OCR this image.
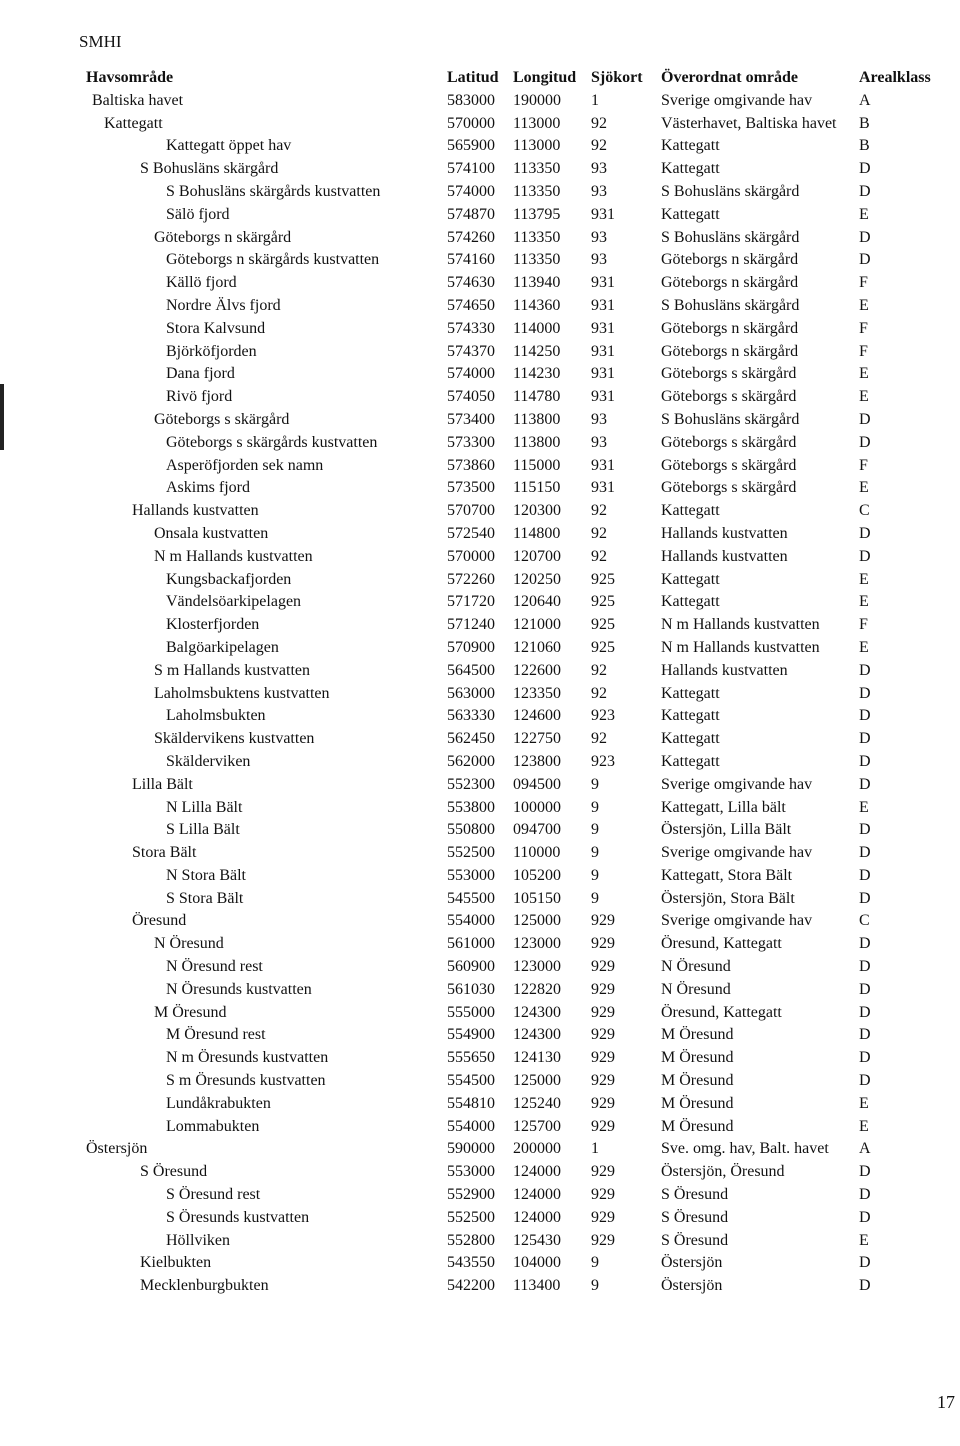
SMHI
Havsområde	Latitud	Longitud	Sjökort	Överordnat område	Arealklass
Baltiska havet	583000	190000	1	Sverige omgivande hav	A
Kattegatt	570000	113000	92	Västerhavet, Baltiska havet	B
Kattegatt öppet hav	565900	113000	92	Kattegatt	B
S Bohusläns skärgård	574100	113350	93	Kattegatt	D
S Bohusläns skärgårds kustvatten	574000	113350	93	S Bohusläns skärgård	D
Sälö fjord	574870	113795	931	Kattegatt	E
Göteborgs n skärgård	574260	113350	93	S Bohusläns skärgård	D
Göteborgs n skärgårds kustvatten	574160	113350	93	Göteborgs n skärgård	D
Källö fjord	574630	113940	931	Göteborgs n skärgård	F
Nordre Älvs fjord	574650	114360	931	S Bohusläns skärgård	E
Stora Kalvsund	574330	114000	931	Göteborgs n skärgård	F
Björköfjorden	574370	114250	931	Göteborgs n skärgård	F
Dana fjord	574000	114230	931	Göteborgs s skärgård	E
Rivö fjord	574050	114780	931	Göteborgs s skärgård	E
Göteborgs s skärgård	573400	113800	93	S Bohusläns skärgård	D
Göteborgs s skärgårds kustvatten	573300	113800	93	Göteborgs s skärgård	D
Asperöfjorden sek namn	573860	115000	931	Göteborgs s skärgård	F
Askims fjord	573500	115150	931	Göteborgs s skärgård	E
Hallands kustvatten	570700	120300	92	Kattegatt	C
Onsala kustvatten	572540	114800	92	Hallands kustvatten	D
N m Hallands kustvatten	570000	120700	92	Hallands kustvatten	D
Kungsbackafjorden	572260	120250	925	Kattegatt	E
Vändelsöarkipelagen	571720	120640	925	Kattegatt	E
Klosterfjorden	571240	121000	925	N m Hallands kustvatten	F
Balgöarkipelagen	570900	121060	925	N m Hallands kustvatten	E
S m Hallands kustvatten	564500	122600	92	Hallands kustvatten	D
Laholmsbuktens kustvatten	563000	123350	92	Kattegatt	D
Laholmsbukten	563330	124600	923	Kattegatt	D
Skäldervikens kustvatten	562450	122750	92	Kattegatt	D
Skälderviken	562000	123800	923	Kattegatt	D
Lilla Bält	552300	094500	9	Sverige omgivande hav	D
N Lilla Bält	553800	100000	9	Kattegatt, Lilla bält	E
S Lilla Bält	550800	094700	9	Östersjön, Lilla Bält	D
Stora Bält	552500	110000	9	Sverige omgivande hav	D
N Stora Bält	553000	105200	9	Kattegatt, Stora Bält	D
S Stora Bält	545500	105150	9	Östersjön, Stora Bält	D
Öresund	554000	125000	929	Sverige omgivande hav	C
N Öresund	561000	123000	929	Öresund, Kattegatt	D
N Öresund rest	560900	123000	929	N Öresund	D
N Öresunds kustvatten	561030	122820	929	N Öresund	D
M Öresund	555000	124300	929	Öresund, Kattegatt	D
M Öresund rest	554900	124300	929	M Öresund	D
N m Öresunds kustvatten	555650	124130	929	M Öresund	D
S m Öresunds kustvatten	554500	125000	929	M Öresund	D
Lundåkrabukten	554810	125240	929	M Öresund	E
Lommabukten	554000	125700	929	M Öresund	E
Östersjön	590000	200000	1	Sve. omg. hav, Balt. havet	A
S Öresund	553000	124000	929	Östersjön, Öresund	D
S Öresund rest	552900	124000	929	S Öresund	D
S Öresunds kustvatten	552500	124000	929	S Öresund	D
Höllviken	552800	125430	929	S Öresund	E
Kielbukten	543550	104000	9	Östersjön	D
Mecklenburgbukten	542200	113400	9	Östersjön	D
17
